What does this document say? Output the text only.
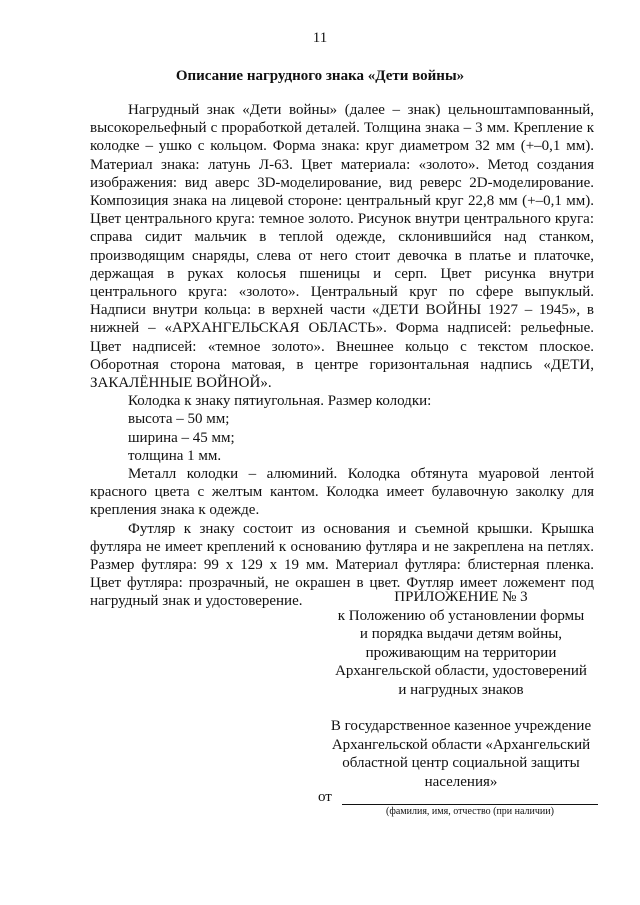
11
Описание нагрудного знака «Дети войны»

Нагрудный знак «Дети войны» (далее – знак) цельноштампованный, высокорельефный с проработкой деталей. Толщина знака – 3 мм. Крепление к колодке – ушко с кольцом. Форма знака: круг диаметром 32 мм (+–0,1 мм). Материал знака: латунь Л-63. Цвет материала: «золото». Метод создания изображения: вид аверс 3D-моделирование, вид реверс 2D-моделирование. Композиция знака на лицевой стороне: центральный круг 22,8 мм (+–0,1 мм). Цвет центрального круга: темное золото. Рисунок внутри центрального круга: справа сидит мальчик в теплой одежде, склонившийся над станком, производящим снаряды, слева от него стоит девочка в платье и платочке, держащая в руках колосья пшеницы и серп. Цвет рисунка внутри центрального круга: «золото». Центральный круг по сфере выпуклый. Надписи внутри кольца: в верхней части «ДЕТИ ВОЙНЫ 1927 – 1945», в нижней – «АРХАНГЕЛЬСКАЯ ОБЛАСТЬ». Форма надписей: рельефные. Цвет надписей: «темное золото». Внешнее кольцо с текстом плоское. Оборотная сторона матовая, в центре горизонтальная надпись «ДЕТИ, ЗАКАЛЁННЫЕ ВОЙНОЙ».

Колодка к знаку пятиугольная. Размер колодки:

высота – 50 мм;

ширина – 45 мм;

толщина 1 мм.

Металл колодки – алюминий. Колодка обтянута муаровой лентой красного цвета с желтым кантом. Колодка имеет булавочную заколку для крепления знака к одежде.

Футляр к знаку состоит из основания и съемной крышки. Крышка футляра не имеет креплений к основанию футляра и не закреплена на петлях. Размер футляра: 99 х 129 х 19 мм. Материал футляра: блистерная пленка. Цвет футляра: прозрачный, не окрашен в цвет. Футляр имеет ложемент под нагрудный знак и удостоверение.	ПРИЛОЖЕНИЕ № 3
к Положению об установлении формы
и порядка выдачи детям войны,
проживающим на территории
Архангельской области, удостоверений
и нагрудных знаков
В государственное казенное учреждение
Архангельской области «Архангельский
областной центр социальной защиты
населения»
от
(фамилия, имя, отчество (при наличии)
